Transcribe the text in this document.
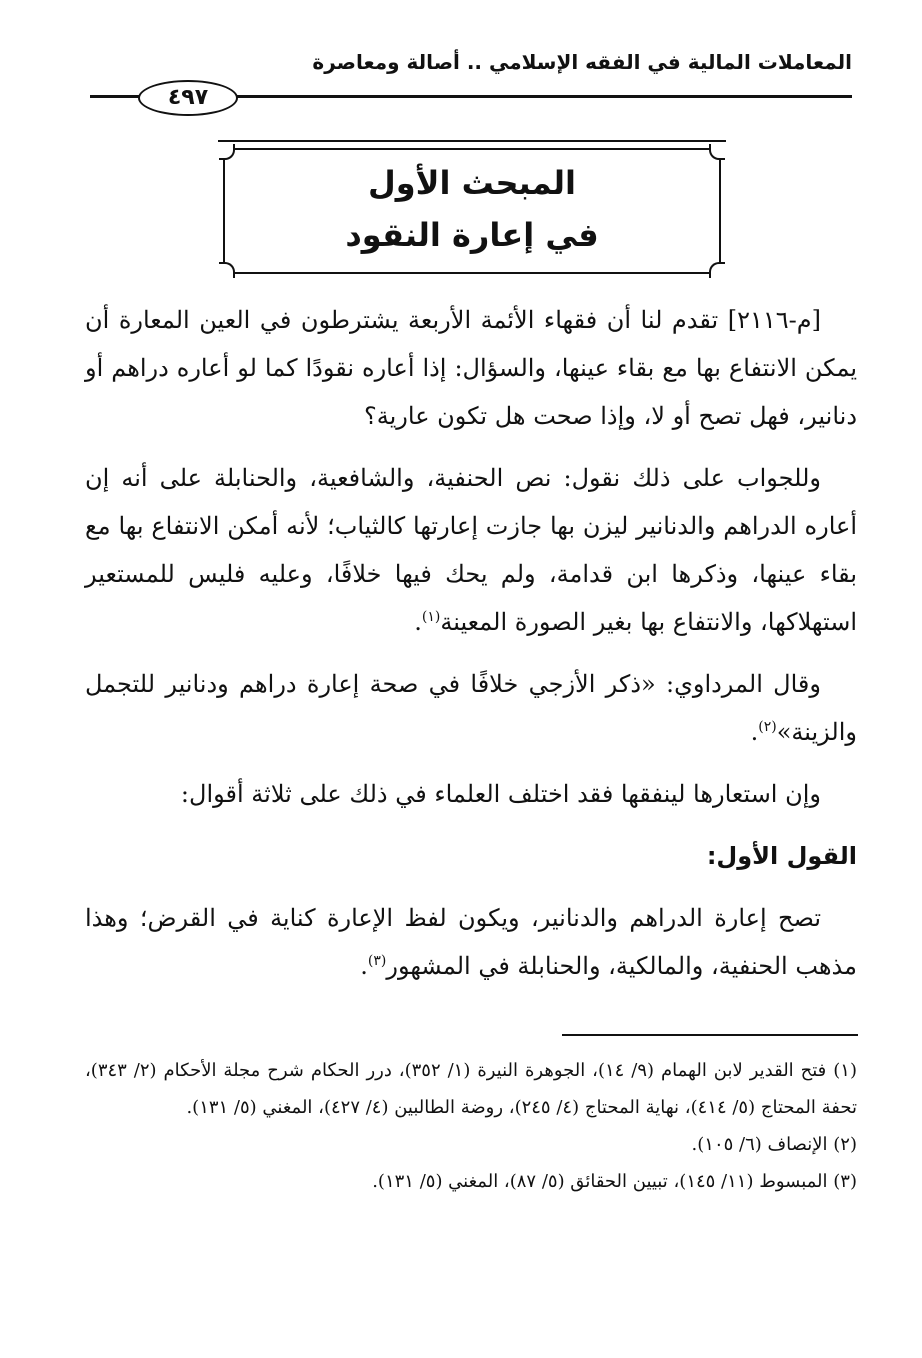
المعاملات المالية في الفقه الإسلامي .. أصالة ومعاصرة
٤٩٧
المبحث الأول
في إعارة النقود

[م-٢١١٦] تقدم لنا أن فقهاء الأئمة الأربعة يشترطون في العين المعارة أن يمكن الانتفاع بها مع بقاء عينها، والسؤال: إذا أعاره نقودًا كما لو أعاره دراهم أو دنانير، فهل تصح أو لا، وإذا صحت هل تكون عارية؟

وللجواب على ذلك نقول: نص الحنفية، والشافعية، والحنابلة على أنه إن أعاره الدراهم والدنانير ليزن بها جازت إعارتها كالثياب؛ لأنه أمكن الانتفاع بها مع بقاء عينها، وذكرها ابن قدامة، ولم يحك فيها خلافًا، وعليه فليس للمستعير استهلاكها، والانتفاع بها بغير الصورة المعينة$^{(١)}$.

وقال المرداوي: «ذكر الأزجي خلافًا في صحة إعارة دراهم ودنانير للتجمل والزينة»$^{(٢)}$.

وإن استعارها لينفقها فقد اختلف العلماء في ذلك على ثلاثة أقوال:

القول الأول:

تصح إعارة الدراهم والدنانير، ويكون لفظ الإعارة كناية في القرض؛ وهذا مذهب الحنفية، والمالكية، والحنابلة في المشهور$^{(٣)}$.

(١) فتح القدير لابن الهمام (٩/ ١٤)، الجوهرة النيرة (١/ ٣٥٢)، درر الحكام شرح مجلة الأحكام (٢/ ٣٤٣)، تحفة المحتاج (٥/ ٤١٤)، نهاية المحتاج (٤/ ٢٤٥)، روضة الطالبين (٤/ ٤٢٧)، المغني (٥/ ١٣١).

(٢) الإنصاف (٦/ ١٠٥).

(٣) المبسوط (١١/ ١٤٥)، تبيين الحقائق (٥/ ٨٧)، المغني (٥/ ١٣١).
